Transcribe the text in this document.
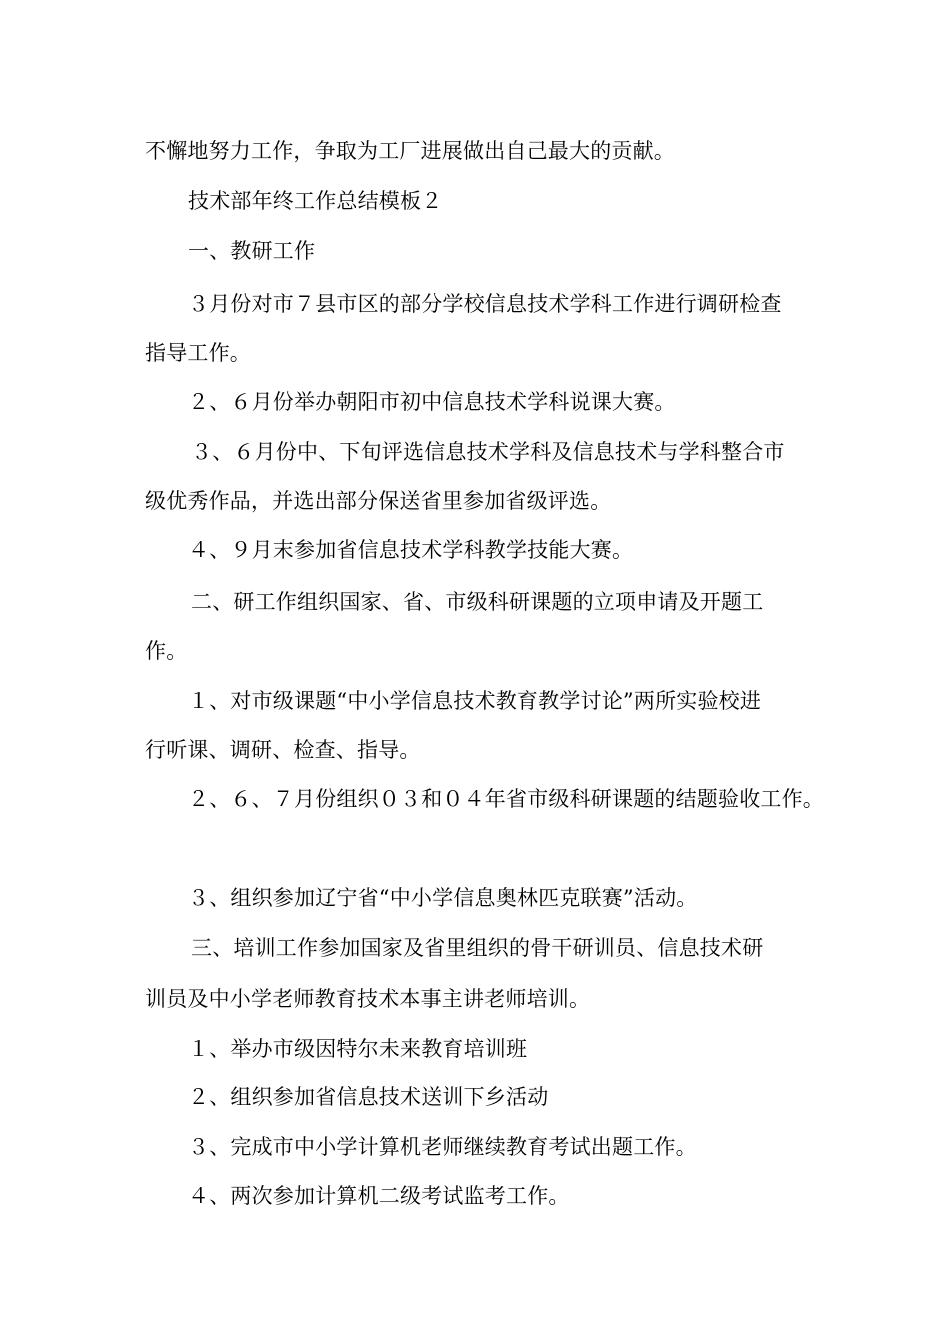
不懈地努力工作，争取为工厂进展做出自己最大的贡献。
技术部年终工作总结模板２
一、教研工作
３月份对市７县市区的部分学校信息技术学科工作进行调研检查
指导工作。
２、６月份举办朝阳市初中信息技术学科说课大赛。
３、６月份中、下旬评选信息技术学科及信息技术与学科整合市
级优秀作品，并选出部分保送省里参加省级评选。
４、９月末参加省信息技术学科教学技能大赛。
二、研工作组织国家、省、市级科研课题的立项申请及开题工
作。
１、对市级课题“中小学信息技术教育教学讨论”两所实验校进
行听课、调研、检查、指导。
２、６、７月份组织０３和０４年省市级科研课题的结题验收工作。
３、组织参加辽宁省“中小学信息奥林匹克联赛”活动。
三、培训工作参加国家及省里组织的骨干研训员、信息技术研
训员及中小学老师教育技术本事主讲老师培训。
１、举办市级因特尔未来教育培训班
２、组织参加省信息技术送训下乡活动
３、完成市中小学计算机老师继续教育考试出题工作。
４、两次参加计算机二级考试监考工作。
